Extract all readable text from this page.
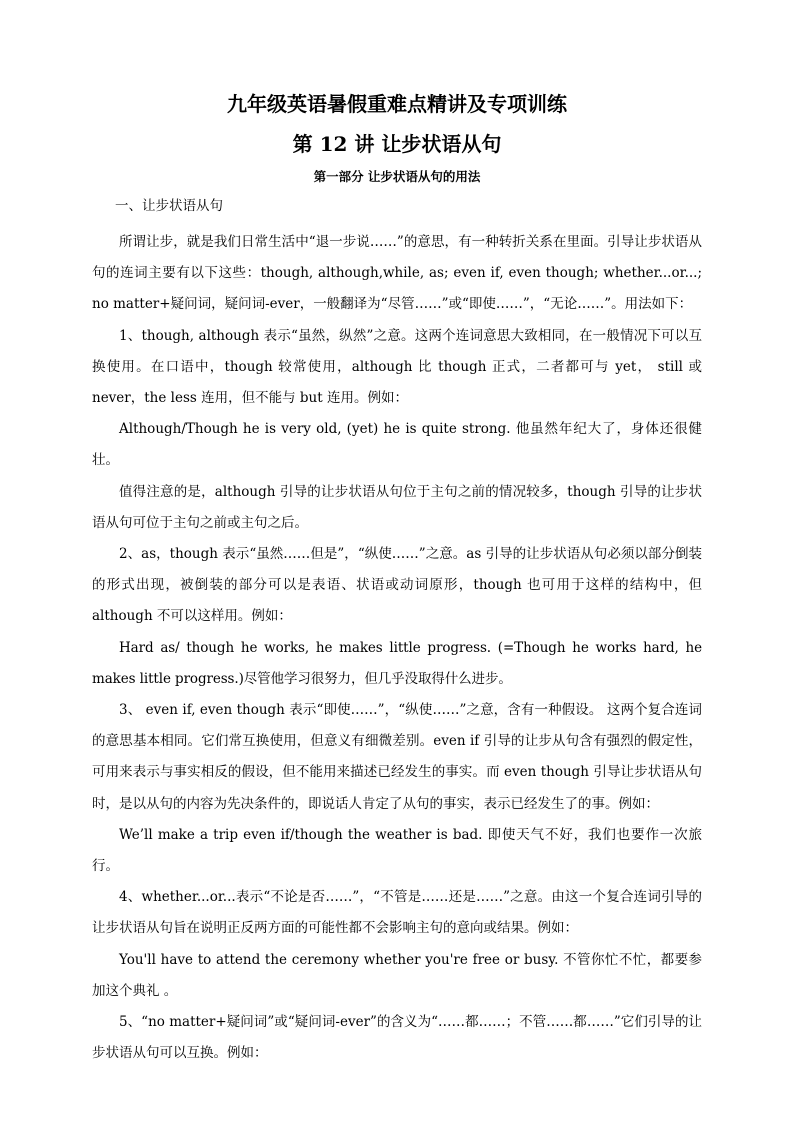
九年级英语暑假重难点精讲及专项训练
第 12 讲 让步状语从句
第一部分 让步状语从句的用法
一、让步状语从句

所谓让步，就是我们日常生活中“退一步说……”的意思，有一种转折关系在里面。引导让步状语从句的连词主要有以下这些：though, although,while, as; even if, even though; whether...or...; no matter+疑问词，疑问词-ever，一般翻译为“尽管……”或“即使……”，“无论……”。用法如下：

1、though, although 表示“虽然，纵然”之意。这两个连词意思大致相同，在一般情况下可以互换使用。在口语中，though 较常使用，although 比 though 正式，二者都可与 yet， still 或 never，the less 连用，但不能与 but 连用。例如：

Although/Though he is very old, (yet) he is quite strong. 他虽然年纪大了，身体还很健壮。

值得注意的是，although 引导的让步状语从句位于主句之前的情况较多，though 引导的让步状语从句可位于主句之前或主句之后。

2、as，though 表示“虽然……但是”，“纵使……”之意。as 引导的让步状语从句必须以部分倒装的形式出现，被倒装的部分可以是表语、状语或动词原形，though 也可用于这样的结构中，但 although 不可以这样用。例如：

Hard as/ though he works, he makes little progress. (=Though he works hard, he makes little progress.)尽管他学习很努力，但几乎没取得什么进步。

3、 even if, even though 表示“即使……”，“纵使……”之意，含有一种假设。 这两个复合连词的意思基本相同。它们常互换使用，但意义有细微差别。even if 引导的让步从句含有强烈的假定性，可用来表示与事实相反的假设，但不能用来描述已经发生的事实。而 even though 引导让步状语从句时，是以从句的内容为先决条件的，即说话人肯定了从句的事实，表示已经发生了的事。例如：

We’ll make a trip even if/though the weather is bad. 即使天气不好，我们也要作一次旅行。

4、whether...or...表示“不论是否……”，“不管是……还是……”之意。由这一个复合连词引导的让步状语从句旨在说明正反两方面的可能性都不会影响主句的意向或结果。例如：

You'll have to attend the ceremony whether you're free or busy. 不管你忙不忙，都要参加这个典礼 。

5、“no matter+疑问词”或“疑问词-ever”的含义为“……都……；不管……都……”它们引导的让步状语从句可以互换。例如：
